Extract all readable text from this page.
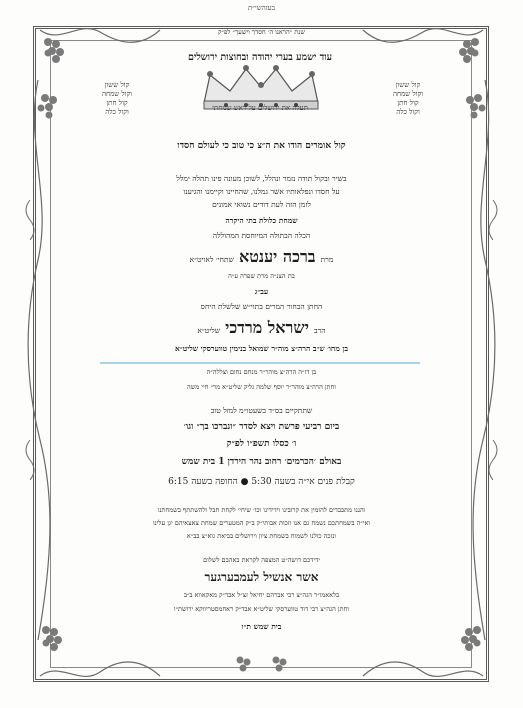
בעזהשי״ת
שנת ״הראנו ה׳ חסדך וישעך״ לפ״ק
עוד ישמע בערי יהודה ובחוצות ירושלים
תעלה את ירושלים על ראש שמחתי
קול ששון
וקול שמחה
קול חתן
וקול כלה
קול ששון
וקול שמחה
קול חתן
וקול כלה
קול אומרים הודו את ה״צ כי טוב כי לעולם חסדו
בשיר ובקול תודה נזמר ונהלל, לשוכן מעונה פינו תהלה ימלל
על חסדו ונפלאותיו אשר גמלנו, שהחיינו וקיימנו והגיענו
לזמן הזה לעת דודים נשואי אמונים
שמחת כלולת בתי היקרה
הכלה הבתולה המיוחסת המהוללה
מרת ברכה יענטא שתחי׳ לאויט״א
בת הצנ״ה מרת שפרה ע״ה
עב״ג
החתן הבחור המרים בתוי״ש שלשלת היחס
הרב ישראל מרדכי שליט״א
בן מחו׳ ש״ב הרה״צ מוה״ר שמואל בנימין טווערסקי שליט״א
בן דז״ה הרה״צ מוהר״ר מנחם נחום וצללה״ה
וחתן הרה״צ מוהר״ר יוסף שלמה גליק שליט״א מר״ חיי משה
שתתקיים בס״ד בשעטו״מ למזל טוב
ביום רביעי פרשת ויצא לסדר ״ונברכו בך״ וגו׳
ו׳ כסלו תשפ״ו לפ״ק
באולם ׳הכרמים׳ רחוב נהר הירדן 1 בית שמש
קבלת פנים אי״ה בשעה 5:30 ● החופה בשעה 6:15
והננו מתכבדים להזמין את קרובינו וידידינו וכו׳ שיחי׳ לקחת חבל ולהשתתף בשמחתנו
ואי״ה בשמחתכם נשמח גם אנו וזכות אבותי״ק ב״ק המטערים שמחת צאצאיהם יגן עלינו
ונזכה כולנו לשמוח בשמחת ציון וירושלים בביאת גוא״צ בב״א
ידידכם דושה״ט המצפה לקראת באהבם לשלום
אשר אנשיל לעמבערגער
בלאאמו״ר הגה״צ רבי אברהם יחיאל זצ״ל אבד״ק מאקאווא ב״ב
וחתן הגה״צ רבי דוד טווערסקי שליט״א אבד״ק ראחמסטריווקא ירושת״ו
בית שמש ת״ו
